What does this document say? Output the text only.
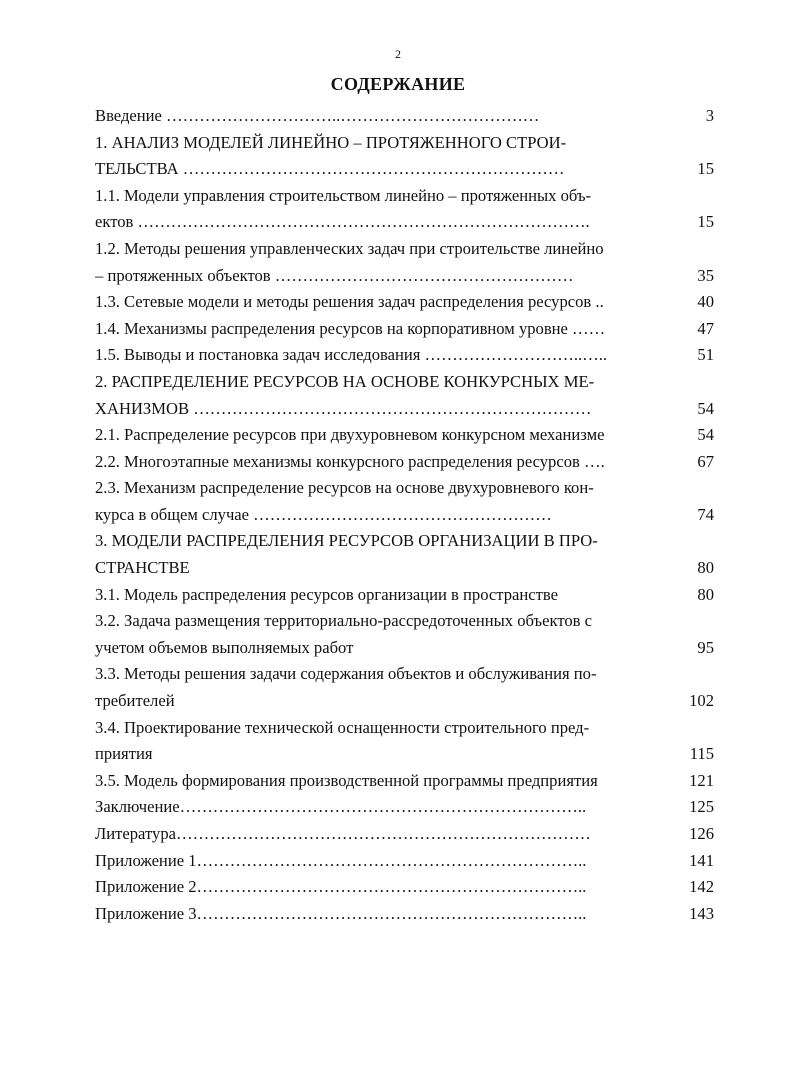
2
СОДЕРЖАНИЕ
Введение …………………………..………………………………	3
1. АНАЛИЗ МОДЕЛЕЙ ЛИНЕЙНО – ПРОТЯЖЕННОГО СТРОИ-
ТЕЛЬСТВА ……………………………………………………………	15
1.1. Модели управления строительством линейно – протяженных объ-
ектов ……………………………………………………………………….	15
1.2. Методы решения управленческих задач при строительстве линейно
– протяженных объектов ………………………………………………	35
1.3. Сетевые модели и методы решения задач распределения ресурсов ..	40
1.4. Механизмы распределения ресурсов на корпоративном уровне ……	47
1.5. Выводы и постановка задач исследования ………………………..…..	51
2. РАСПРЕДЕЛЕНИЕ РЕСУРСОВ НА ОСНОВЕ КОНКУРСНЫХ МЕ-
ХАНИЗМОВ ………………………………………………………………	54
2.1. Распределение ресурсов при двухуровневом конкурсном механизме	54
2.2. Многоэтапные механизмы конкурсного распределения ресурсов ….	67
2.3. Механизм распределение ресурсов на основе двухуровневого кон-
курса в общем случае ………………………………………………	74
3. МОДЕЛИ РАСПРЕДЕЛЕНИЯ РЕСУРСОВ ОРГАНИЗАЦИИ В ПРО-
СТРАНСТВЕ	80
3.1. Модель распределения ресурсов организации в пространстве	80
3.2. Задача размещения территориально-рассредоточенных объектов с
учетом объемов выполняемых работ	95
3.3. Методы решения задачи содержания объектов и обслуживания по-
требителей	102
3.4. Проектирование технической оснащенности строительного пред-
приятия	115
3.5. Модель формирования производственной программы предприятия	121
Заключение………………………………………………………………..	125
Литература…………………………………………………………………	126
Приложение 1……………………………………………………………..	141
Приложение 2……………………………………………………………..	142
Приложение 3……………………………………………………………..	143
